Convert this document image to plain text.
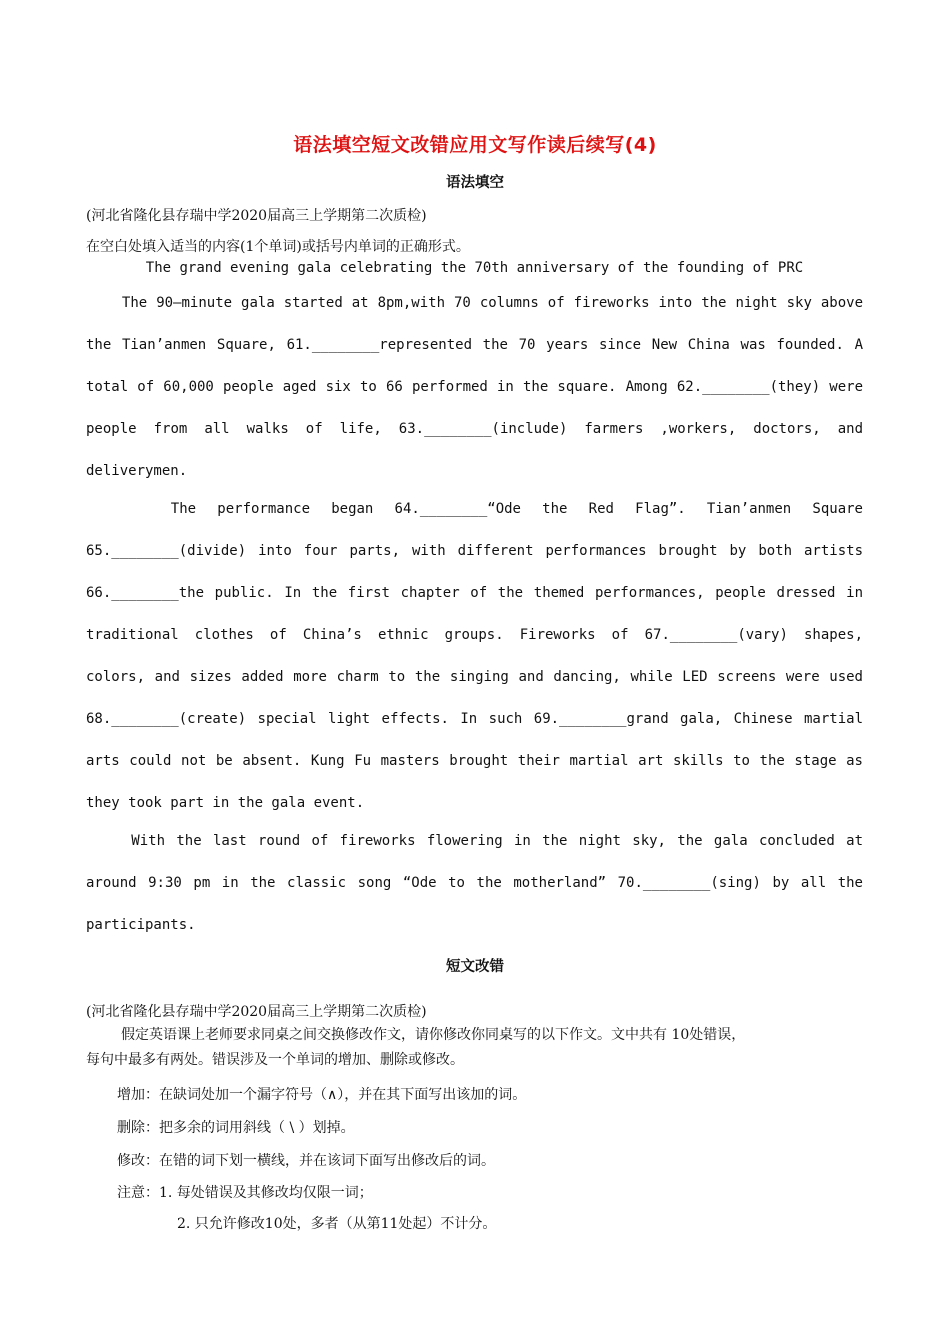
语法填空短文改错应用文写作读后续写(4)
语法填空
(河北省隆化县存瑞中学2020届高三上学期第二次质检)
在空白处填入适当的内容(1个单词)或括号内单词的正确形式。
The grand evening gala celebrating the 70th anniversary of the founding of PRC
The 90—minute gala started at 8pm,with 70 columns of fireworks into the night sky above
the Tian’anmen Square, 61.________represented the 70 years since New China was founded. A
total of 60,000 people aged six to 66 performed in the square. Among 62.________(they) were
people from all walks of life, 63.________(include) farmers ,workers, doctors, and
deliverymen.
The performance began 64.________“Ode the Red Flag”. Tian’anmen Square
65.________(divide) into four parts, with different performances brought by both artists
66.________the public. In the first chapter of the themed performances, people dressed in
traditional clothes of China’s ethnic groups. Fireworks of 67.________(vary) shapes,
colors, and sizes added more charm to the singing and dancing, while LED screens were used
68.________(create) special light effects. In such 69.________grand gala, Chinese martial
arts could not be absent. Kung Fu masters brought their martial art skills to the stage as
they took part in the gala event.
With the last round of fireworks flowering in the night sky, the gala concluded at
around 9:30 pm in the classic song “Ode to the motherland” 70.________(sing) by all the
participants.
短文改错
(河北省隆化县存瑞中学2020届高三上学期第二次质检)
假定英语课上老师要求同桌之间交换修改作文，请你修改你同桌写的以下作文。文中共有 10处错误，
每句中最多有两处。错误涉及一个单词的增加、删除或修改。
增加：在缺词处加一个漏字符号（∧），并在其下面写出该加的词。
删除：把多余的词用斜线（ \ ）划掉。
修改：在错的词下划一横线，并在该词下面写出修改后的词。
注意：1. 每处错误及其修改均仅限一词；
2. 只允许修改10处，多者（从第11处起）不计分。
